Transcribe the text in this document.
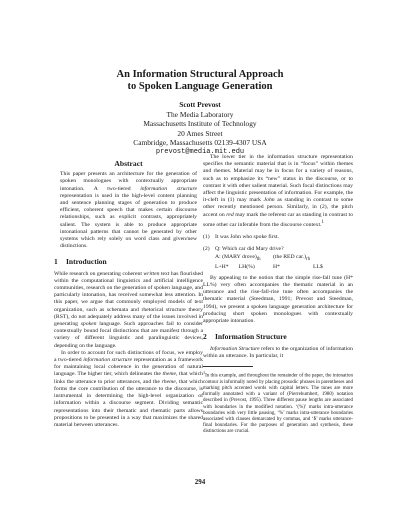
An Information Structural Approach
to Spoken Language Generation
Scott Prevost
The Media Laboratory
Massachusetts Institute of Technology
20 Ames Street
Cambridge, Massachusetts 02139-4307 USA
prevost@media.mit.edu
Abstract

This paper presents an architecture for the generation of spoken monologues with contextually appropriate intonation. A two-tiered information structure representation is used in the high-level content planning and sentence planning stages of generation to produce efficient, coherent speech that makes certain discourse relationships, such as explicit contrasts, appropriately salient. The system is able to produce appropriate intonational patterns that cannot be generated by other systems which rely solely on word class and given/new distinctions.

1 Introduction

While research on generating coherent written text has flourished within the computational linguistics and artificial intelligence communities, research on the generation of spoken language, and particularly intonation, has received somewhat less attention. In this paper, we argue that commonly employed models of text organization, such as schemata and rhetorical structure theory (RST), do not adequately address many of the issues involved in generating spoken language. Such approaches fail to consider contextually bound focal distinctions that are manifest through a variety of different linguistic and paralinguistic devices, depending on the language.

In order to account for such distinctions of focus, we employ a two-tiered information structure representation as a framework for maintaining local coherence in the generation of natural language. The higher tier, which delineates the theme, that which links the utterance to prior utterances, and the rheme, that which forms the core contribution of the utterance to the discourse, is instrumental in determining the high-level organization of information within a discourse segment. Dividing semantic representations into their thematic and rhematic parts allows propositions to be presented in a way that maximizes the shared material between utterances.

The lower tier in the information structure representation specifies the semantic material that is in “focus” within themes and rhemes. Material may be in focus for a variety of reasons, such as to emphasize its “new” status in the discourse, or to contrast it with other salient material. Such focal distinctions may affect the linguistic presentation of information. For example, the it-cleft in (1) may mark John as standing in contrast to some other recently mentioned person. Similarly, in (2), the pitch accent on red may mark the referent car as standing in contrast to some other car inferable from the discourse context.$^1$

(1) It was John who spoke first.
(2) Q: Which car did Mary drive?
A: (MARY $drove)_{th}$	(the RED $car.)_{rh}$
L+H* LH(%)	H*	LL$

By appealing to the notion that the simple rise-fall tune (H* LL%) very often accompanies the thematic material in an utterance and the rise-fall-rise tune often accompanies the thematic material (Steedman, 1991; Prevost and Steedman, 1994), we present a spoken language generation architecture for producing short spoken monologues with contextually appropriate intonation.

2 Information Structure

Information Structure refers to the organization of information within an utterance. In particular, it

$^1$In this example, and throughout the remainder of the paper, the intonation contour is informally noted by placing prosodic phrases in parentheses and marking pitch accented words with capital letters. The tunes are more formally annotated with a variant of (Pierrehumbert, 1980) notation described in (Prevost, 1995). Three different pause lengths are associated with boundaries in the modified notation. ‘(%)’ marks intra-utterance boundaries with very little pausing, ‘%’ marks intra-utterance boundaries associated with clauses demarcated by commas, and ‘$’ marks utterance-final boundaries. For the purposes of generation and synthesis, these distinctions are crucial.

294
